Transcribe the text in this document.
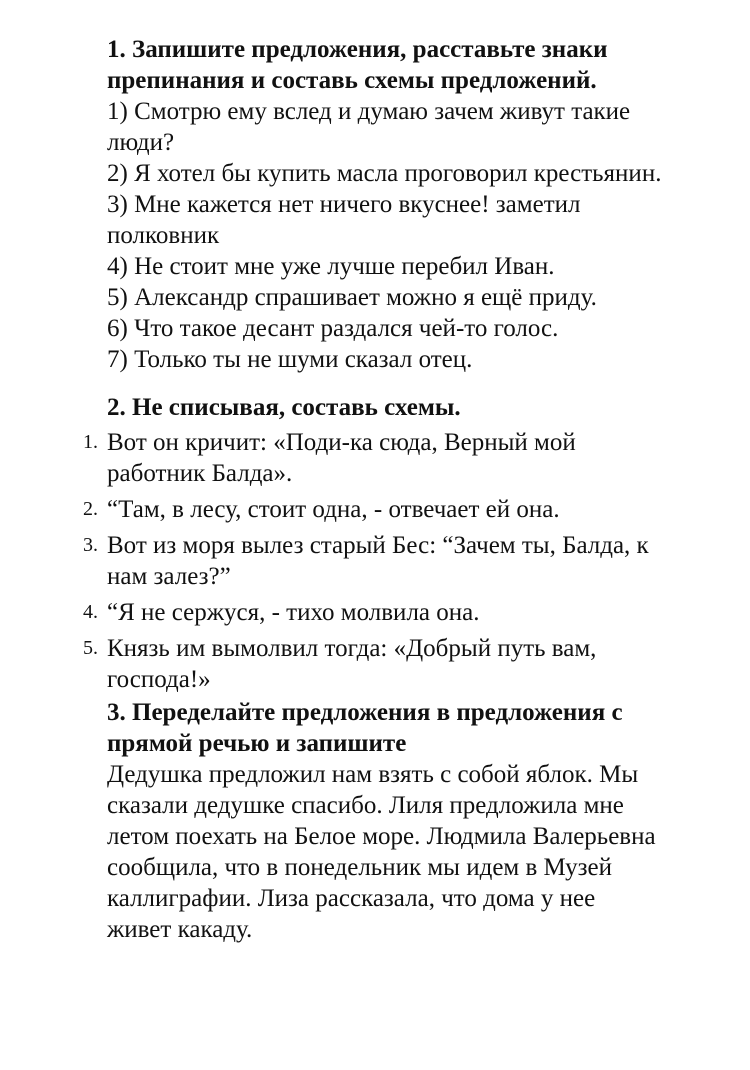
1. Запишите предложения, расставьте знаки
препинания и составь схемы предложений.
1) Смотрю ему вслед и думаю зачем живут такие
люди?
2) Я хотел бы купить масла проговорил крестьянин.
3) Мне кажется нет ничего вкуснее! заметил
полковник
4) Не стоит мне уже лучше перебил Иван.
5) Александр спрашивает можно я ещё приду.
6) Что такое десант раздался чей-то голос.
7) Только ты не шуми сказал отец.
2. Не списывая, составь схемы.
1. Вот он кричит: «Поди-ка сюда, Верный мой
работник Балда».
2. “Там, в лесу, стоит одна, - отвечает ей она.
3. Вот из моря вылез старый Бес: “Зачем ты, Балда, к
нам залез?”
4. “Я не сержуся, - тихо молвила она.
5. Князь им вымолвил тогда: «Добрый путь вам,
господа!»
3. Переделайте предложения в предложения с
прямой речью и запишите
Дедушка предложил нам взять с собой яблок. Мы
сказали дедушке спасибо. Лиля предложила мне
летом поехать на Белое море. Людмила Валерьевна
сообщила, что в понедельник мы идем в Музей
каллиграфии. Лиза рассказала, что дома у нее
живет какаду.
